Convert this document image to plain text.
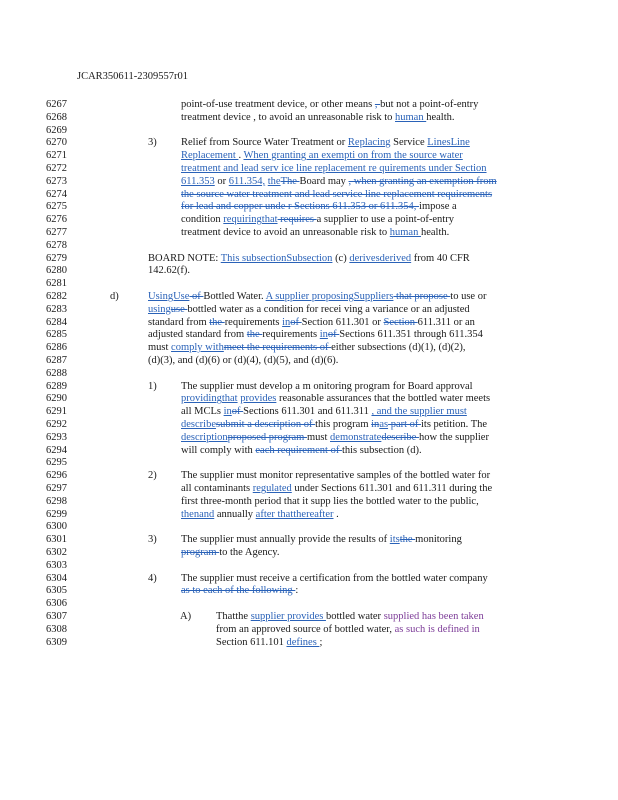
JCAR350611-2309557r01
6267
6268
6269
6270
6271
6272
6273
6274
6275
6276
6277
6278
6279
6280
6281
6282
6283
6284
6285
6286
6287
6288
6289
6290
6291
6292
6293
6294
6295
6296
6297
6298
6299
6300
6301
6302
6303
6304
6305
6306
6307
6308
6309
3)
d)
1)
2)
3)
4)
A)
point-of-use treatment device, or other means , but not a point-of-entry
treatment device , to avoid an unreasonable risk to human health.
Relief from Source Water Treatment or Replacing Service LinesLine
Replacement . When granting an exempti on from the source water
treatment and lead serv ice line replacement re quirements under Section
611.353 or 611.354, theThe Board may , when granting an exemption from
the source water treatment and lead service line replacement requirements
for lead and copper unde r Sections 611.353 or 611.354, impose a
condition requiringthat requires a supplier to use a point-of-entry
treatment device to avoid an unreasonable risk to human health.
BOARD NOTE: This subsectionSubsection (c) derivesderived from 40 CFR
142.62(f).
UsingUse of Bottled Water. A supplier proposingSuppliers that propose to use or
usinguse bottled water as a condition for recei ving a variance or an adjusted
standard from the requirements inof Section 611.301 or Section 611.311 or an
adjusted standard from the requirements inof Sections 611.351 through 611.354
must comply withmeet the requirements of either subsections (d)(1), (d)(2),
(d)(3), and (d)(6) or (d)(4), (d)(5), and (d)(6).
The supplier must develop a m onitoring program for Board approval
providingthat provides reasonable assurances that the bottled water meets
all MCLs inof Sections 611.301 and 611.311 , and the supplier must
describesubmit a description of this program inas part of its petition. The
descriptionproposed program must demonstratedescribe how the supplier
will comply with each requirement of this subsection (d).
The supplier must monitor representative samples of the bottled water for
all contaminants regulated under Sections 611.301 and 611.311 during the
first three-month period that it supp lies the bottled water to the public,
thenand annually after thatthereafter .
The supplier must annually provide the results of itsthe monitoring
program to the Agency.
The supplier must receive a certification from the bottled water company
as to each of the following :
Thatthe supplier provides bottled water supplied has been taken
from an approved source of bottled water, as such is defined in
Section 611.101 defines ;
